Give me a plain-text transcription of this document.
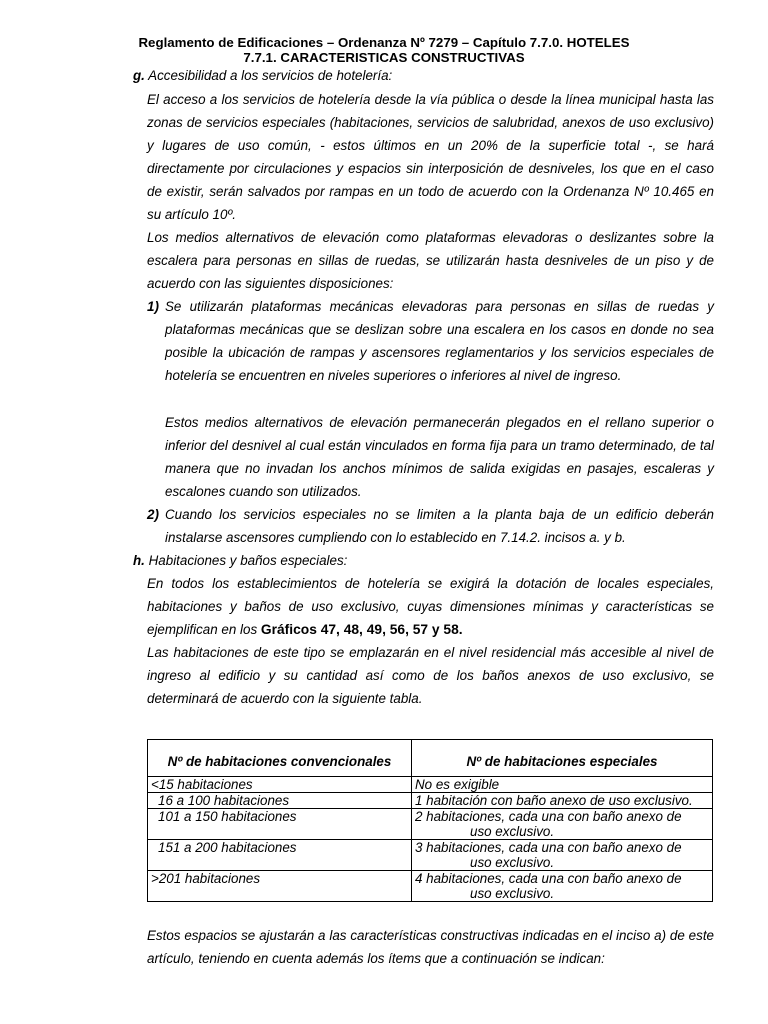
Reglamento de Edificaciones – Ordenanza Nº 7279 – Capítulo 7.7.0. HOTELES
7.7.1. CARACTERISTICAS CONSTRUCTIVAS
g. Accesibilidad a los servicios de hotelería:
El acceso a los servicios de hotelería desde la vía pública o desde la línea municipal hasta las zonas de servicios especiales (habitaciones, servicios de salubridad, anexos de uso exclusivo) y lugares de uso común, - estos últimos en un 20% de la superficie total -, se hará directamente por circulaciones y espacios sin interposición de desniveles, los que en el caso de existir, serán salvados por rampas en un todo de acuerdo con la Ordenanza Nº 10.465 en su artículo 10º.
Los medios alternativos de elevación como plataformas elevadoras o deslizantes sobre la escalera para personas en sillas de ruedas, se utilizarán hasta desniveles de un piso y de acuerdo con las siguientes disposiciones:
1) Se utilizarán plataformas mecánicas elevadoras para personas en sillas de ruedas y plataformas mecánicas que se deslizan sobre una escalera en los casos en donde no sea posible la ubicación de rampas y ascensores reglamentarios y los servicios especiales de hotelería se encuentren en niveles superiores o inferiores al nivel de ingreso.
Estos medios alternativos de elevación permanecerán plegados en el rellano superior o inferior del desnivel al cual están vinculados en forma fija para un tramo determinado, de tal manera que no invadan los anchos mínimos de salida exigidas en pasajes, escaleras y escalones cuando son utilizados.
2) Cuando los servicios especiales no se limiten a la planta baja de un edificio deberán instalarse ascensores cumpliendo con lo establecido en 7.14.2. incisos a. y b.
h. Habitaciones y baños especiales:
En todos los establecimientos de hotelería se exigirá la dotación de locales especiales, habitaciones y baños de uso exclusivo, cuyas dimensiones mínimas y características se ejemplifican en los Gráficos 47, 48, 49, 56, 57 y 58.
Las habitaciones de este tipo se emplazarán en el nivel residencial más accesible al nivel de ingreso al edificio y su cantidad así como de los baños anexos de uso exclusivo, se determinará de acuerdo con la siguiente tabla.
Nº de habitaciones convencionales	Nº de habitaciones especiales
<15 habitaciones	No es exigible
16 a 100 habitaciones	1 habitación con baño anexo de uso exclusivo.
101 a 150 habitaciones	2 habitaciones, cada una con baño anexo de
uso exclusivo.

151 a 200 habitaciones	3 habitaciones, cada una con baño anexo de
uso exclusivo.

>201 habitaciones	4 habitaciones, cada una con baño anexo de
uso exclusivo.
Estos espacios se ajustarán a las características constructivas indicadas en el inciso a) de este artículo, teniendo en cuenta además los ítems que a continuación se indican:
